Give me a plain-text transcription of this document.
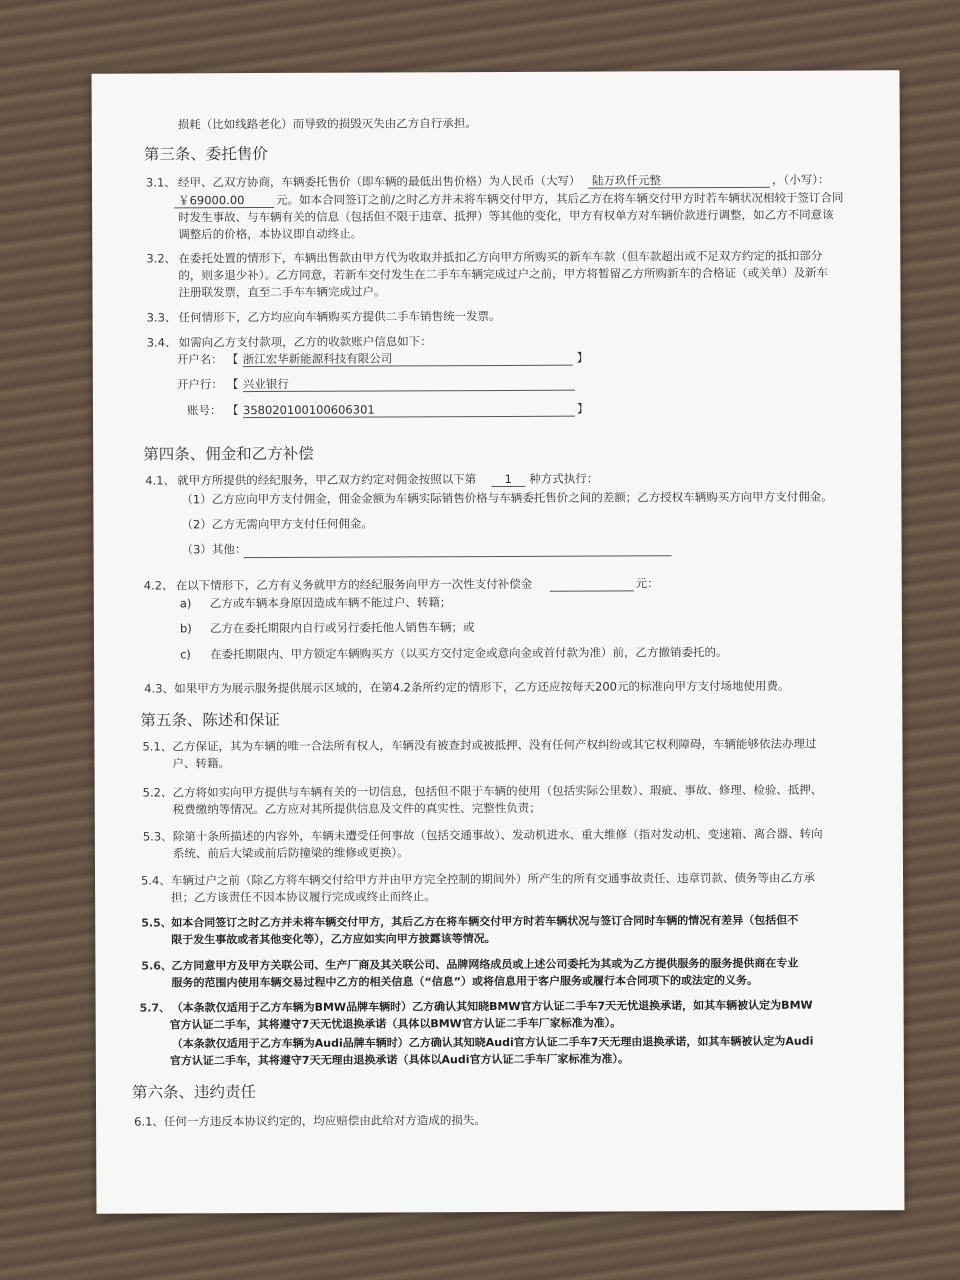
损耗（比如线路老化）而导致的损毁灭失由乙方自行承担。
第三条、委托售价
3.1、 经甲、乙双方协商，车辆委托售价（即车辆的最低出售价格）为人民币（大写） 陆万玖仟元整	，（小写）：
￥69000.00	元。如本合同签订之前/之时乙方并未将车辆交付甲方，其后乙方在将车辆交付甲方时若车辆状况相较于签订合同
时发生事故、与车辆有关的信息（包括但不限于违章、抵押）等其他的变化，甲方有权单方对车辆价款进行调整，如乙方不同意该
调整后的价格，本协议即自动终止。
3.2、 在委托处置的情形下，车辆出售款由甲方代为收取并抵扣乙方向甲方所购买的新车车款（但车款超出或不足双方约定的抵扣部分
的，则多退少补）。乙方同意，若新车交付发生在二手车车辆完成过户之前，甲方将暂留乙方所购新车的合格证（或关单）及新车
注册联发票，直至二手车车辆完成过户。
3.3、 任何情形下，乙方均应向车辆购买方提供二手车销售统一发票。
3.4、 如需向乙方支付款项，乙方的收款账户信息如下：
开户名： 【 浙江宏华新能源科技有限公司	】
开户行： 【 兴业银行
账号： 【 358020100100606301	】
第四条、佣金和乙方补偿
4.1、 就甲方所提供的经纪服务，甲乙双方约定对佣金按照以下第	1	种方式执行：
（1）乙方应向甲方支付佣金，佣金金额为车辆实际销售价格与车辆委托售价之间的差额；乙方授权车辆购买方向甲方支付佣金。
（2）乙方无需向甲方支付任何佣金。
（3）其他：
4.2、 在以下情形下，乙方有义务就甲方的经纪服务向甲方一次性支付补偿金	元：
a) 乙方或车辆本身原因造成车辆不能过户、转籍；
b) 乙方在委托期限内自行或另行委托他人销售车辆；或
c) 在委托期限内、甲方锁定车辆购买方（以买方交付定金或意向金或首付款为准）前，乙方撤销委托的。
4.3、 如果甲方为展示服务提供展示区域的，在第4.2条所约定的情形下，乙方还应按每天200元的标准向甲方支付场地使用费。
第五条、陈述和保证
5.1、 乙方保证，其为车辆的唯一合法所有权人，车辆没有被查封或被抵押、没有任何产权纠纷或其它权利障碍，车辆能够依法办理过
户、转籍。
5.2、 乙方将如实向甲方提供与车辆有关的一切信息，包括但不限于车辆的使用（包括实际公里数）、瑕疵、事故、修理、检验、抵押、
税费缴纳等情况。乙方应对其所提供信息及文件的真实性、完整性负责；
5.3、 除第十条所描述的内容外，车辆未遭受任何事故（包括交通事故）、发动机进水、重大维修（指对发动机、变速箱、离合器、转向
系统、前后大梁或前后防撞梁的维修或更换）。
5.4、 车辆过户之前（除乙方将车辆交付给甲方并由甲方完全控制的期间外）所产生的所有交通事故责任、违章罚款、债务等由乙方承
担；乙方该责任不因本协议履行完成或终止而终止。
5.5、 如本合同签订之时乙方并未将车辆交付甲方，其后乙方在将车辆交付甲方时若车辆状况与签订合同时车辆的情况有差异（包括但不
限于发生事故或者其他变化等），乙方应如实向甲方披露该等情况。
5.6、 乙方同意甲方及甲方关联公司、生产厂商及其关联公司、品牌网络成员或上述公司委托为其或为乙方提供服务的服务提供商在专业
服务的范围内使用车辆交易过程中乙方的相关信息（“信息”）或将信息用于客户服务或履行本合同项下的或法定的义务。
5.7、 （本条款仅适用于乙方车辆为BMW品牌车辆时）乙方确认其知晓BMW官方认证二手车7天无忧退换承诺，如其车辆被认定为BMW
官方认证二手车，其将遵守7天无忧退换承诺（具体以BMW官方认证二手车厂家标准为准）。
（本条款仅适用于乙方车辆为Audi品牌车辆时）乙方确认其知晓Audi官方认证二手车7天无理由退换承诺，如其车辆被认定为Audi
官方认证二手车，其将遵守7天无理由退换承诺（具体以Audi官方认证二手车厂家标准为准）。
第六条、违约责任
6.1、任何一方违反本协议约定的，均应赔偿由此给对方造成的损失。
